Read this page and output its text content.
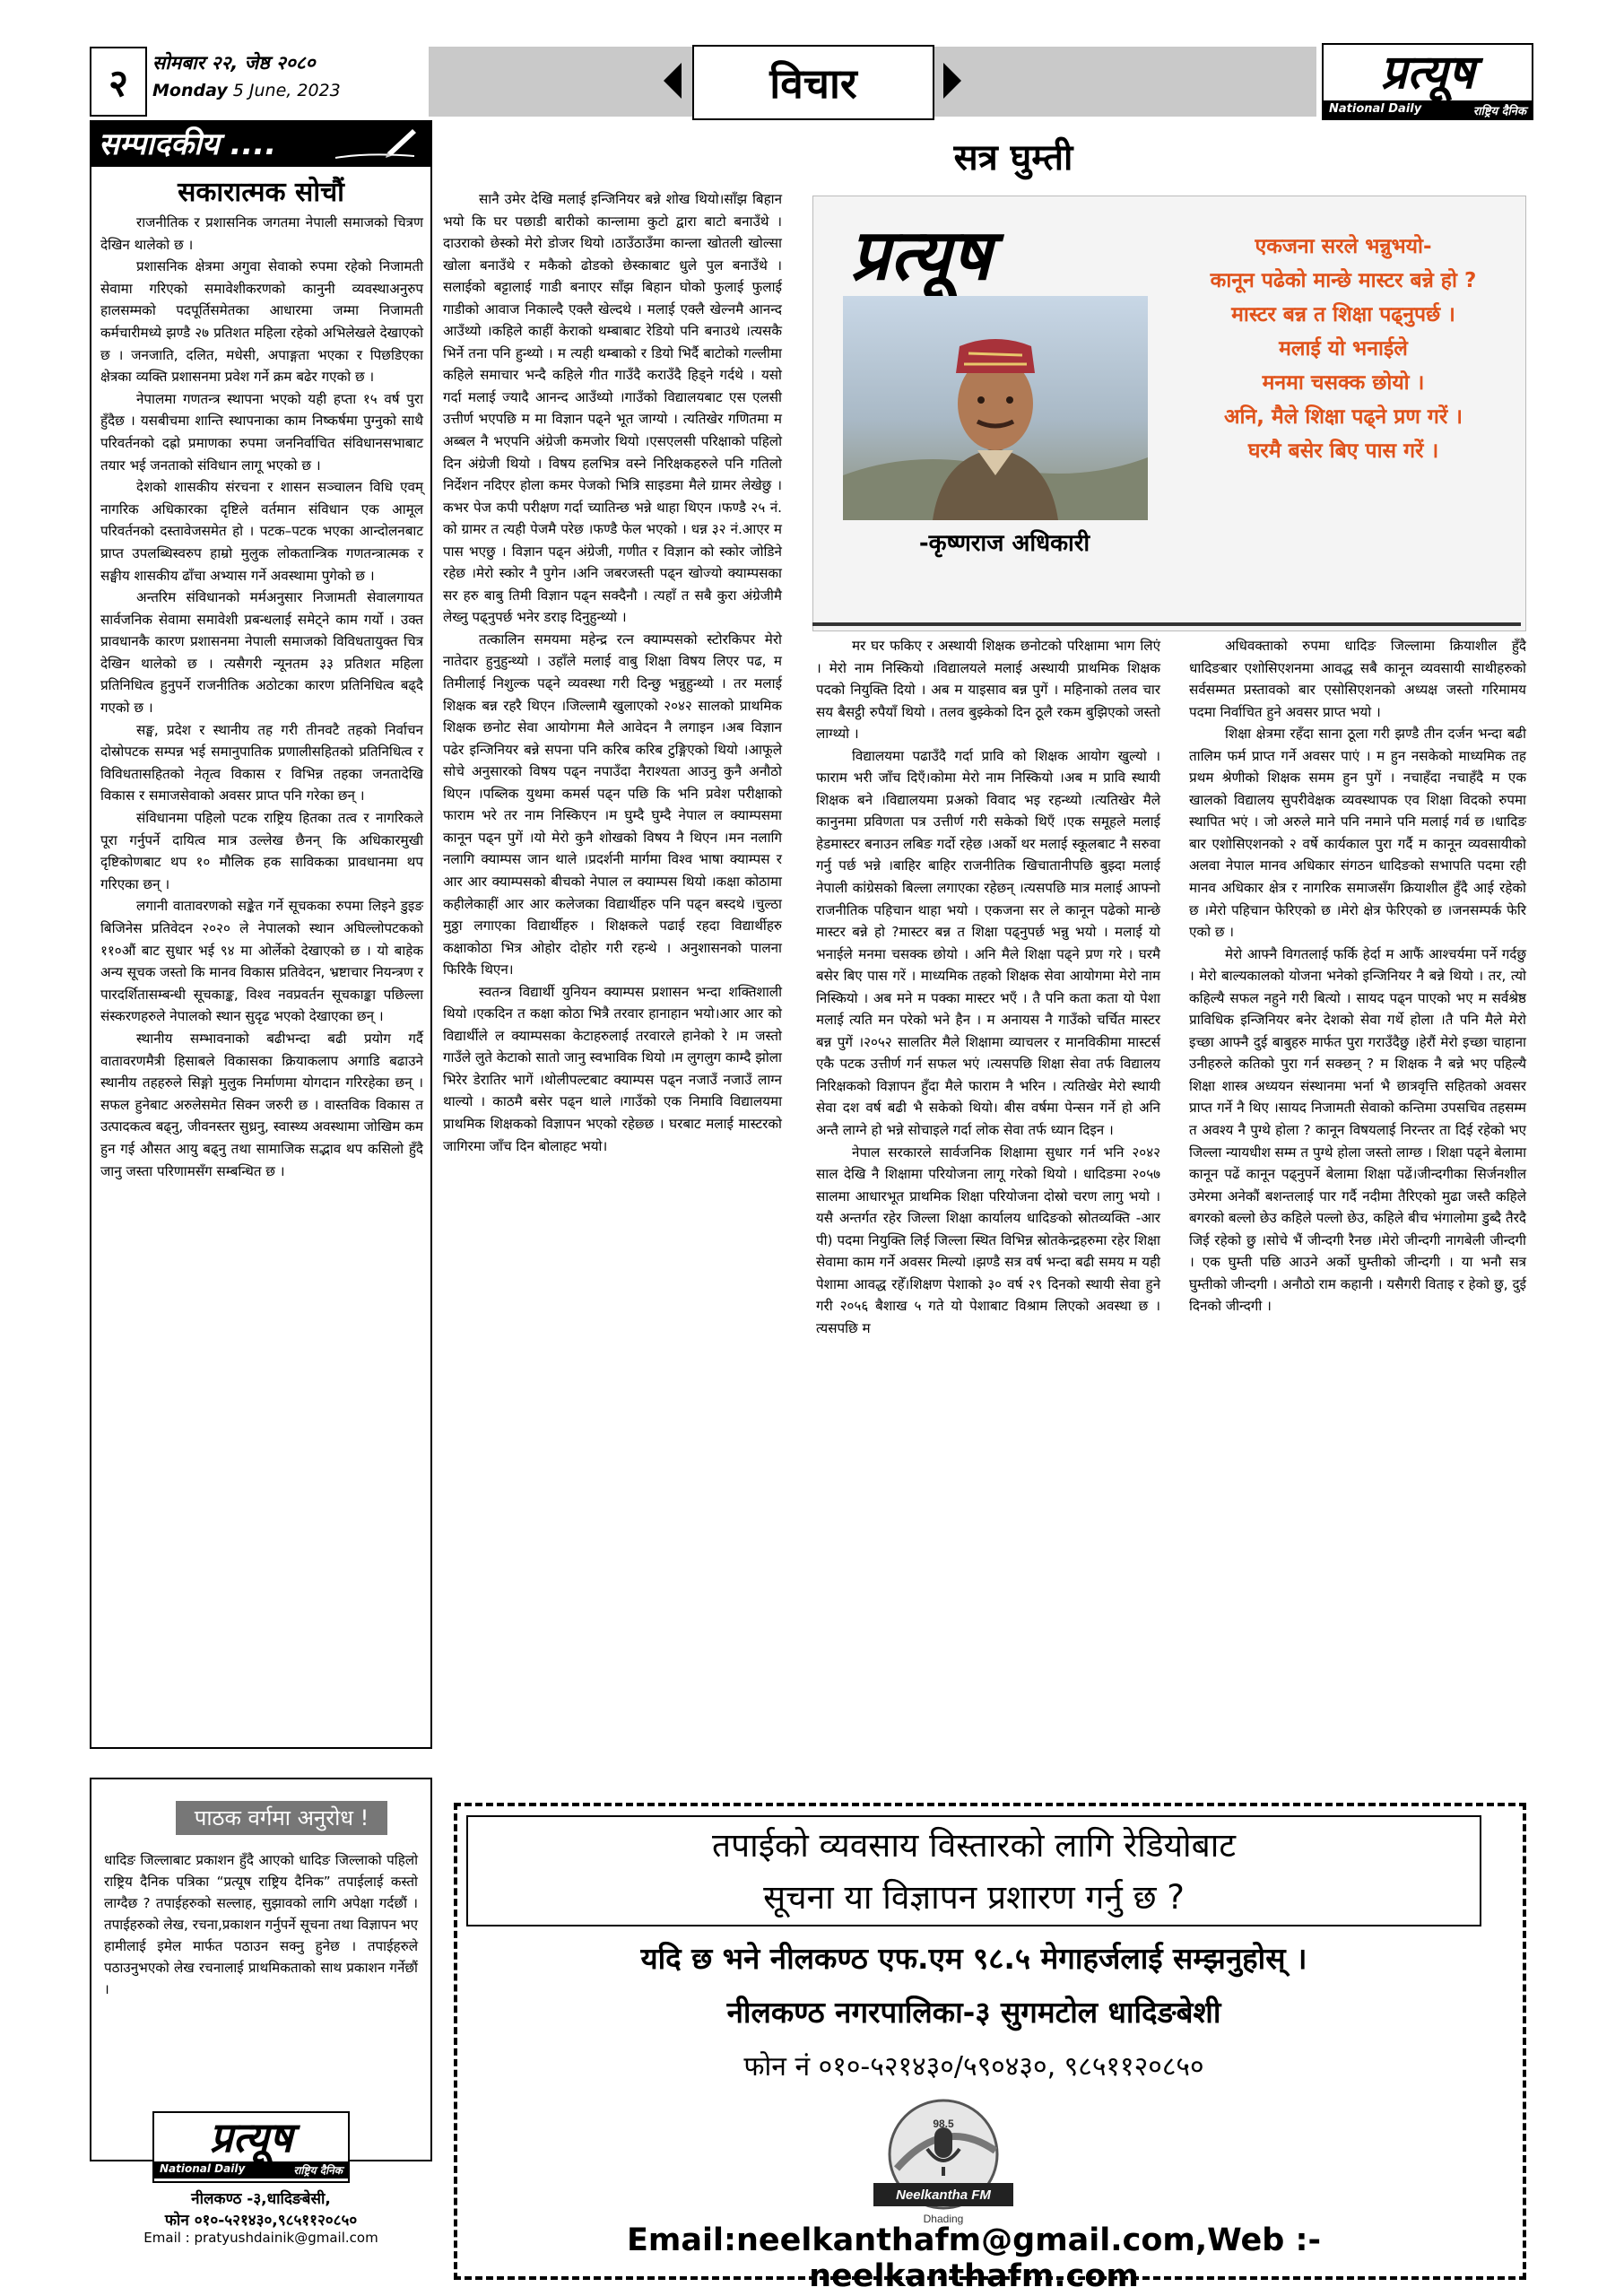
२	सोमबार २२, जेष्ठ २०८०
Monday 5 June, 2023	विचार	प्रत्यूष
National Daily	राष्ट्रिय दैनिक
सम्पादकीय ....
सकारात्मक सोचौं

राजनीतिक र प्रशासनिक जगतमा नेपाली समाजको चित्रण देखिन थालेको छ ।

प्रशासनिक क्षेत्रमा अगुवा सेवाको रुपमा रहेको निजामती सेवामा गरिएको समावेशीकरणको कानुनी व्यवस्थाअनुरुप हालसम्मको पदपूर्तिसमेतका आधारमा जम्मा निजामती कर्मचारीमध्ये झण्डै २७ प्रतिशत महिला रहेको अभिलेखले देखाएको छ । जनजाति, दलित, मधेसी, अपाङ्गता भएका र पिछडिएका क्षेत्रका व्यक्ति प्रशासनमा प्रवेश गर्ने क्रम बढेर गएको छ ।

नेपालमा गणतन्त्र स्थापना भएको यही हप्ता १५ वर्ष पुरा हुँदैछ । यसबीचमा शान्ति स्थापनाका काम निष्कर्षमा पुग्नुको साथै परिवर्तनको दह्रो प्रमाणका रुपमा जननिर्वाचित संविधानसभाबाट तयार भई जनताको संविधान लागू भएको छ ।

देशको शासकीय संरचना र शासन सञ्चालन विधि एवम् नागरिक अधिकारका दृष्टिले वर्तमान संविधान एक आमूल परिवर्तनको दस्तावेजसमेत हो । पटक–पटक भएका आन्दोलनबाट प्राप्त उपलब्धिस्वरुप हाम्रो मुलुक लोकतान्त्रिक गणतन्त्रात्मक र सङ्घीय शासकीय ढाँचा अभ्यास गर्ने अवस्थामा पुगेको छ ।

अन्तरिम संविधानको मर्मअनुसार निजामती सेवालगायत सार्वजनिक सेवामा समावेशी प्रबन्धलाई समेट्ने काम गर्यो । उक्त प्रावधानकै कारण प्रशासनमा नेपाली समाजको विविधतायुक्त चित्र देखिन थालेको छ । त्यसैगरी न्यूनतम ३३ प्रतिशत महिला प्रतिनिधित्व हुनुपर्ने राजनीतिक अठोटका कारण प्रतिनिधित्व बढ्दै गएको छ ।

सङ्घ, प्रदेश र स्थानीय तह गरी तीनवटै तहको निर्वाचन दोस्रोपटक सम्पन्न भई समानुपातिक प्रणालीसहितको प्रतिनिधित्व र विविधतासहितको नेतृत्व विकास र विभिन्न तहका जनतादेखि विकास र समाजसेवाको अवसर प्राप्त पनि गरेका छन् ।

संविधानमा पहिलो पटक राष्ट्रिय हितका तत्व र नागरिकले पूरा गर्नुपर्ने दायित्व मात्र उल्लेख छैनन् कि अधिकारमुखी दृष्टिकोणबाट थप १० मौलिक हक साविकका प्रावधानमा थप गरिएका छन् ।

लगानी वातावरणको सङ्केत गर्ने सूचकका रुपमा लिइने डुइङ बिजिनेस प्रतिवेदन २०२० ले नेपालको स्थान अघिल्लोपटकको ११०औं बाट सुधार भई ९४ मा ओर्लेको देखाएको छ । यो बाहेक अन्य सूचक जस्तो कि मानव विकास प्रतिवेदन, भ्रष्टाचार नियन्त्रण र पारदर्शितासम्बन्धी सूचकाङ्क, विश्व नवप्रवर्तन सूचकाङ्का पछिल्ला संस्करणहरुले नेपालको स्थान सुदृढ भएको देखाएका छन् ।

स्थानीय सम्भावनाको बढीभन्दा बढी प्रयोग गर्दै वातावरणमैत्री हिसाबले विकासका क्रियाकलाप अगाडि बढाउने स्थानीय तहहरुले सिङ्गो मुलुक निर्माणमा योगदान गरिरहेका छन् । सफल हुनेबाट अरुलेसमेत सिक्न जरुरी छ । वास्तविक विकास त उत्पादकत्व बढ्नु, जीवनस्तर सुध्रनु, स्वास्थ्य अवस्थामा जोखिम कम हुन गई औसत आयु बढ्नु तथा सामाजिक सद्भाव थप कसिलो हुँदै जानु जस्ता परिणामसँग सम्बन्धित छ ।

पाठक वर्गमा अनुरोध !
धादिङ जिल्लाबाट प्रकाशन हुँदै आएको धादिङ जिल्लाको पहिलो राष्ट्रिय दैनिक पत्रिका “प्रत्यूष राष्ट्रिय दैनिक” तपाईलाई कस्तो लाग्दैछ ? तपाईहरुको सल्लाह, सुझावको लागि अपेक्षा गर्दछौं । तपाईहरुको लेख, रचना,प्रकाशन गर्नुपर्ने सूचना तथा विज्ञापन भए हामीलाई इमेल मार्फत पठाउन सक्नु हुनेछ । तपाईहरुले पठाउनुभएको लेख रचनालाई प्राथमिकताको साथ प्रकाशन गर्नेछौं ।
प्रत्यूष
National Daily	राष्ट्रिय दैनिक
नीलकण्ठ -३,धादिङबेसी,
फोन ०१०-५२१४३०,९८५११२०८५०
Email : pratyushdainik@gmail.com
सत्र घुम्ती

सानै उमेर देखि मलाई इन्जिनियर बन्ने शोख थियो।साँझ बिहान भयो कि घर पछाडी बारीको कान्लामा कुटो द्वारा बाटो बनाउँथे । दाउराको छेस्को मेरो डोजर थियो ।ठाउँठाउँमा कान्ला खोतली खोल्सा खोला बनाउँथे र मकैको ढोडको छेस्काबाट धुले पुल बनाउँथे । सलाईको बट्टालाई गाडी बनाएर साँझ बिहान घोको फुलाई फुलाई गाडीको आवाज निकाल्दै एक्लै खेल्दथे । मलाई एक्लै खेल्नमै आनन्द आउँथ्यो ।कहिले काहीं केराको थम्बाबाट रेडियो पनि बनाउथे ।त्यसकै भिर्ने तना पनि हुन्थ्यो । म त्यही थम्बाको र डियो भिर्दै बाटोको गल्लीमा कहिले समाचार भन्दै कहिले गीत गाउँदै कराउँदै हिड्ने गर्दथे । यसो गर्दा मलाई ज्यादै आनन्द आउँथ्यो ।गाउँको विद्यालयबाट एस एलसी उत्तीर्ण भएपछि म मा विज्ञान पढ्ने भूत जाग्यो । त्यतिखेर गणितमा म अब्बल नै भएपनि अंग्रेजी कमजोर थियो ।एसएलसी परिक्षाको पहिलो दिन अंग्रेजी थियो । विषय हलभित्र वस्ने निरिक्षकहरुले पनि गतिलो निर्देशन नदिएर होला कमर पेजको भित्रि साइडमा मैले ग्रामर लेखेछु ।कभर पेज कपी परीक्षण गर्दा च्यातिन्छ भन्ने थाहा थिएन ।फण्डै २५ नं. को ग्रामर त त्यही पेजमै परेछ ।फण्डै फेल भएको । धन्न ३२ नं.आएर म पास भएछु । विज्ञान पढ्न अंग्रेजी, गणीत र विज्ञान को स्कोर जोडिने रहेछ ।मेरो स्कोर नै पुगेन ।अनि जबरजस्ती पढ्न खोज्यो क्याम्पसका सर हरु बाबु तिमी विज्ञान पढ्न सक्दैनौ । त्यहाँ त सबै कुरा अंग्रेजीमै लेख्नु पढ्नुपर्छ भनेर डराइ दिनुहुन्थ्यो ।

तत्कालिन समयमा महेन्द्र रत्न क्याम्पसको स्टोरकिपर मेरो नातेदार हुनुहुन्थ्यो । उहाँले मलाई वाबु शिक्षा विषय लिएर पढ, म तिमीलाई निशुल्क पढ्ने व्यवस्था गरी दिन्छु भन्नुहुन्थ्यो । तर मलाई शिक्षक बन्न रहरै थिएन ।जिल्लामै खुलाएको २०४२ सालको प्राथमिक शिक्षक छनोट सेवा आयोगमा मैले आवेदन नै लगाइन ।अब विज्ञान पढेर इन्जिनियर बन्ने सपना पनि करिब करिब टुङ्गिएको थियो ।आफूले सोचे अनुसारको विषय पढ्न नपाउँदा नैराश्यता आउनु कुनै अनौठो थिएन ।पब्लिक युथमा कमर्स पढ्न पछि कि भनि प्रवेश परीक्षाको फाराम भरे तर नाम निस्किएन ।म घुम्दै घुम्दै नेपाल ल क्याम्पसमा कानून पढ्न पुगें ।यो मेरो कुनै शोखको विषय नै थिएन ।मन नलागि नलागि क्याम्पस जान थाले ।प्रदर्शनी मार्गमा विश्व भाषा क्याम्पस र आर आर क्याम्पसको बीचको नेपाल ल क्याम्पस थियो ।कक्षा कोठामा कहीलेकाहीं आर आर कलेजका विद्यार्थीहरु पनि पढ्न बस्दथे ।चुल्ठा मुठ्ठा लगाएका विद्यार्थीहरु । शिक्षकले पढाई रहदा विद्यार्थीहरु कक्षाकोठा भित्र ओहोर दोहोर गरी रहन्थे । अनुशासनको पालना फिरिकै थिएन।

स्वतन्त्र विद्यार्थी युनियन क्याम्पस प्रशासन भन्दा शक्तिशाली थियो ।एकदिन त कक्षा कोठा भित्रै तरवार हानाहान भयो।आर आर को विद्यार्थीले ल क्याम्पसका केटाहरुलाई तरवारले हानेको रे ।म जस्तो गाउँले लुते केटाको सातो जानु स्वभाविक थियो ।म लुगलुग काम्दै झोला भिरेर डेरातिर भागें ।थोलीपल्टबाट क्याम्पस पढ्न नजाउँ नजाउँ लाग्न थाल्यो । काठमै बसेर पढ्न थाले ।गाउँको एक निमावि विद्यालयमा प्राथमिक शिक्षकको विज्ञापन भएको रहेछ्छ । घरबाट मलाई मास्टरको जागिरमा जाँच दिन बोलाहट भयो।

प्रत्यूष
-कृष्णराज अधिकारी
एकजना सरले भन्नुभयो-
कानून पढेको मान्छे मास्टर बन्ने हो ?
मास्टर बन्न त शिक्षा पढ्नुपर्छ ।
मलाई यो भनाईले
मनमा चसक्क छोयो ।
अनि, मैले शिक्षा पढ्ने प्रण गरें ।
घरमै बसेर बिए पास गरें ।

मर घर फकिए र अस्थायी शिक्षक छनोटको परिक्षामा भाग लिएं । मेरो नाम निस्कियो ।विद्यालयले मलाई अस्थायी प्राथमिक शिक्षक पदको नियुक्ति दियो । अब म याइसाव बन्न पुगें । महिनाको तलव चार सय बैसट्ठी रुपैयाँ थियो । तलव बुझ्केको दिन ठूलै रकम बुझिएको जस्तो लाग्थ्यो ।

विद्यालयमा पढाउँदै गर्दा प्रावि को शिक्षक आयोग खुल्यो । फाराम भरी जाँच दिएँ।कोमा मेरो नाम निस्कियो ।अब म प्रावि स्थायी शिक्षक बने ।विद्यालयमा प्रअको विवाद भइ रहन्थ्यो ।त्यतिखेर मैले कानुनमा प्रविणता पत्र उत्तीर्ण गरी सकेको थिएँ ।एक समूहले मलाई हेडमास्टर बनाउन लबिङ गर्दो रहेछ ।अर्को थर मलाई स्कूलबाट नै सरुवा गर्नु पर्छ भन्ने ।बाहिर बाहिर राजनीतिक खिचातानीपछि बुझ्दा मलाई नेपाली कांग्रेसको बिल्ला लगाएका रहेछन् ।त्यसपछि मात्र मलाई आफ्नो राजनीतिक पहिचान थाहा भयो । एकजना सर ले कानून पढेको मान्छे मास्टर बन्ने हो ?मास्टर बन्न त शिक्षा पढ्नुपर्छ भन्नु भयो । मलाई यो भनाईले मनमा चसक्क छोयो । अनि मैले शिक्षा पढ्ने प्रण गरे । घरमै बसेर बिए पास गरें । माध्यमिक तहको शिक्षक सेवा आयोगमा मेरो नाम निस्कियो । अब मने म पक्का मास्टर भएँ । तै पनि कता कता यो पेशा मलाई त्यति मन परेको भने हैन । म अनायस नै गाउँको चर्चित मास्टर बन्न पुगें ।२०५२ सालतिर मैले शिक्षामा व्याचलर र मानविकीमा मास्टर्स एकै पटक उत्तीर्ण गर्न सफल भएं ।त्यसपछि शिक्षा सेवा तर्फ विद्यालय निरिक्षकको विज्ञापन हुँदा मैले फाराम नै भरिन । त्यतिखेर मेरो स्थायी सेवा दश वर्ष बढी भै सकेको थियो। बीस वर्षमा पेन्सन गर्ने हो अनि अन्तै लाग्ने हो भन्ने सोचाइले गर्दा लोक सेवा तर्फ ध्यान दिइन ।

नेपाल सरकारले सार्वजनिक शिक्षामा सुधार गर्न भनि २०४२ साल देखि नै शिक्षामा परियोजना लागू गरेको थियो । धादिङमा २०५७ सालमा आधारभूत प्राथमिक शिक्षा परियोजना दोस्रो चरण लागु भयो । यसै अन्तर्गत रहेर जिल्ला शिक्षा कार्यालय धादिङको स्रोतव्यक्ति -आर पी) पदमा नियुक्ति लिई जिल्ला स्थित विभिन्न स्रोतकेन्द्रहरुमा रहेर शिक्षा सेवामा काम गर्ने अवसर मिल्यो ।झण्डै सत्र वर्ष भन्दा बढी समय म यही पेशामा आवद्ध रहेँ।शिक्षण पेशाको ३० वर्ष २९ दिनको स्थायी सेवा हुने गरी २०५६ बैशाख ५ गते यो पेशाबाट विश्राम लिएको अवस्था छ । त्यसपछि म

अधिवक्ताको रुपमा धादिङ जिल्लामा क्रियाशील हुँदै धादिङबार एशोसिएशनमा आवद्ध सबै कानून व्यवसायी साथीहरुको सर्वसम्मत प्रस्तावको बार एसोसिएशनको अध्यक्ष जस्तो गरिमामय पदमा निर्वाचित हुने अवसर प्राप्त भयो ।

शिक्षा क्षेत्रमा रहँदा साना ठूला गरी झण्डै तीन दर्जन भन्दा बढी तालिम फर्म प्राप्त गर्ने अवसर पाएं । म हुन नसकेको माध्यमिक तह प्रथम श्रेणीको शिक्षक समम हुन पुगें । नचाहँदा नचाहँदै म एक खालको विद्यालय सुपरीवेक्षक व्यवस्थापक एव शिक्षा विदको रुपमा स्थापित भएं । जो अरुले माने पनि नमाने पनि मलाई गर्व छ ।धादिङ बार एशोसिएशनको २ वर्षे कार्यकाल पुरा गर्दै म कानून व्यवसायीको अलवा नेपाल मानव अधिकार संगठन धादिङको सभापति पदमा रही मानव अधिकार क्षेत्र र नागरिक समाजसँग क्रियाशील हुँदै आई रहेको छ ।मेरो पहिचान फेरिएको छ ।मेरो क्षेत्र फेरिएको छ ।जनसम्पर्क फेरि एको छ ।

मेरो आफ्नै विगतलाई फर्कि हेर्दा म आफैं आश्चर्यमा पर्ने गर्दछु । मेरो बाल्यकालको योजना भनेको इन्जिनियर नै बन्ने थियो । तर, त्यो कहिल्यै सफल नहुने गरी बित्यो । सायद पढ्न पाएको भए म सर्वश्रेष्ठ प्राविधिक इन्जिनियर बनेर देशको सेवा गर्थे होला ।तै पनि मैले मेरो इच्छा आफ्नै दुई बाबुहरु मार्फत पुरा गराउँदैछु ।हेरौं मेरो इच्छा चाहाना उनीहरुले कतिको पुरा गर्न सक्छन् ? म शिक्षक नै बन्ने भए पहिल्यै शिक्षा शास्त्र अध्ययन संस्थानमा भर्ना भै छात्रवृत्ति सहितको अवसर प्राप्त गर्ने नै थिए ।सायद निजामती सेवाको कन्तिमा उपसचिव तहसम्म त अवश्य नै पुग्थे होला ? कानून विषयलाई निरन्तर ता दिई रहेको भए जिल्ला न्यायधीश सम्म त पुग्थे होला जस्तो लाग्छ । शिक्षा पढ्ने बेलामा कानून पढें कानून पढ्नुपर्ने बेलामा शिक्षा पढें।जीन्दगीका सिर्जनशील उमेरमा अनेकौं बशन्तलाई पार गर्दै नदीमा तैरिएको मुढा जस्तै कहिले बगरको बल्लो छेउ कहिले पल्लो छेउ, कहिले बीच भंगालोमा डुब्दै तैरदै जिई रहेको छु ।सोचे भैं जीन्दगी रैनछ ।मेरो जीन्दगी नागबेली जीन्दगी । एक घुम्ती पछि आउने अर्को घुम्तीको जीन्दगी । या भनौ सत्र घुम्तीको जीन्दगी । अनौठो राम कहानी । यसैगरी विताइ र हेको छु, दुई दिनको जीन्दगी ।

तपाईको व्यवसाय विस्तारको लागि रेडियोबाट
सूचना या विज्ञापन प्रशारण गर्नु छ ?
यदि छ भने नीलकण्ठ एफ.एम ९८.५ मेगाहर्जलाई सम्झनुहोस् ।
नीलकण्ठ नगरपालिका-३ सुगमटोल धादिङबेशी
फोन नं ०१०-५२१४३०/५९०४३०, ९८५११२०८५०
98.5
Neelkantha FM
Dhading
Email:neelkanthafm@gmail.com,Web :- neelkanthafm.com
